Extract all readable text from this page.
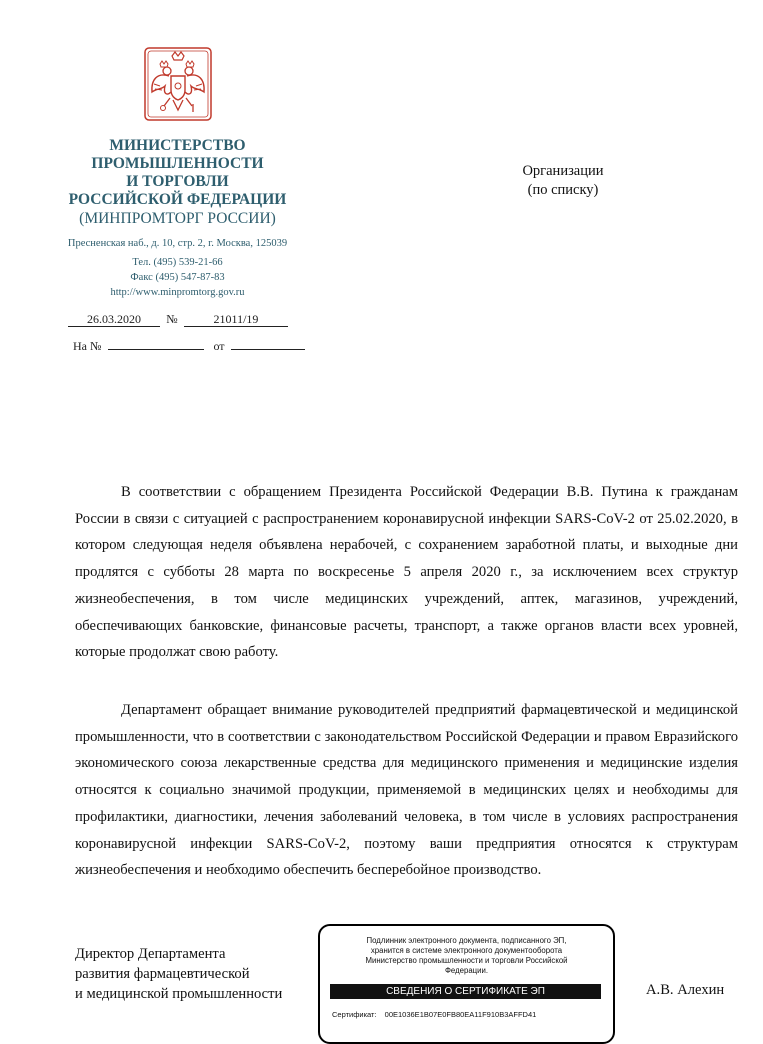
МИНИСТЕРСТВО
ПРОМЫШЛЕННОСТИ
И ТОРГОВЛИ
РОССИЙСКОЙ ФЕДЕРАЦИИ
(МИНПРОМТОРГ РОССИИ)
Пресненская наб., д. 10, стр. 2, г. Москва, 125039
Тел. (495) 539-21-66
Факс (495) 547-87-83
http://www.minpromtorg.gov.ru
26.03.2020 №	21011/19
На №	от
Организации
(по списку)
В соответствии с обращением Президента Российской Федерации В.В. Путина к гражданам России в связи с ситуацией с распространением коронавирусной инфекции SARS-CoV-2 от 25.02.2020, в котором следующая неделя объявлена нерабочей, с сохранением заработной платы, и выходные дни продлятся с субботы 28 марта по воскресенье 5 апреля 2020 г., за исключением всех структур жизнеобеспечения, в том числе медицинских учреждений, аптек, магазинов, учреждений, обеспечивающих банковские, финансовые расчеты, транспорт, а также органов власти всех уровней, которые продолжат свою работу.
Департамент обращает внимание руководителей предприятий фармацевтической и медицинской промышленности, что в соответствии с законодательством Российской Федерации и правом Евразийского экономического союза лекарственные средства для медицинского применения и медицинские изделия относятся к социально значимой продукции, применяемой в медицинских целях и необходимы для профилактики, диагностики, лечения заболеваний человека, в том числе в условиях распространения коронавирусной инфекции SARS-CoV-2, поэтому ваши предприятия относятся к структурам жизнеобеспечения и необходимо обеспечить бесперебойное производство.
Директор Департамента
развития фармацевтической
и медицинской промышленности	А.В. Алехин
Подлинник электронного документа, подписанного ЭП,
хранится в системе электронного документооборота
Министерство промышленности и торговли Российской
Федерации.
СВЕДЕНИЯ О СЕРТИФИКАТЕ ЭП
Сертификат: 00E1036E1B07E0FB80EA11F910B3AFFD41
